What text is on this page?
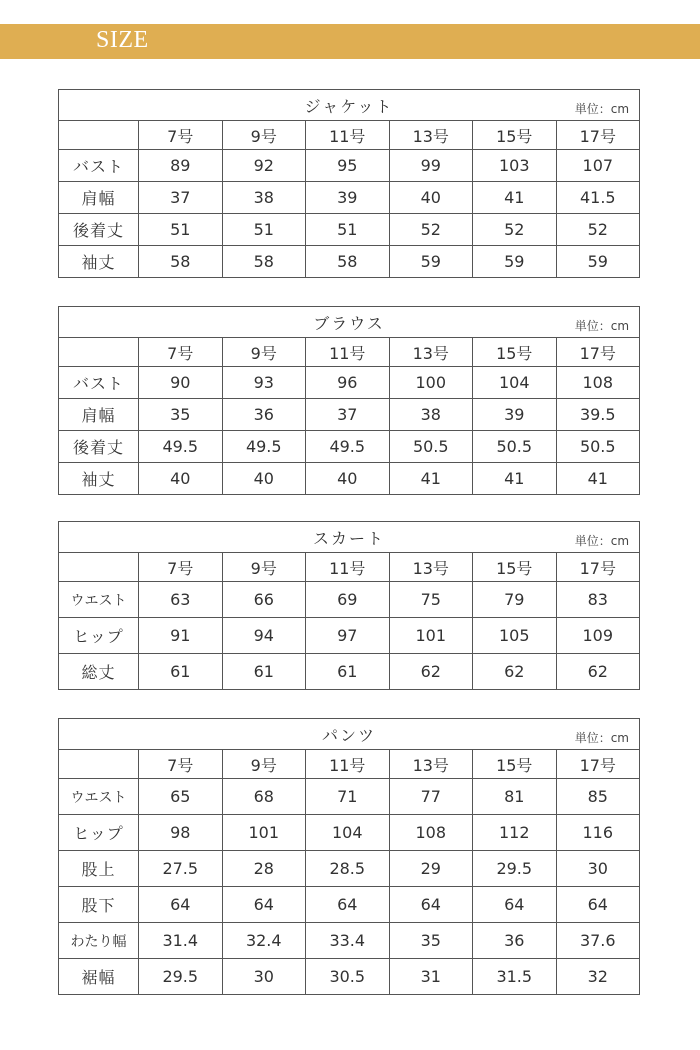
SIZE
ジャケット 単位：cm						

	7号	9号	11号	13号	15号	17号
バスト	89	92	95	99	103	107
肩幅	37	38	39	40	41	41.5
後着丈	51	51	51	52	52	52
袖丈	58	58	58	59	59	59
ブラウス 単位：cm						

	7号	9号	11号	13号	15号	17号
バスト	90	93	96	100	104	108
肩幅	35	36	37	38	39	39.5
後着丈	49.5	49.5	49.5	50.5	50.5	50.5
袖丈	40	40	40	41	41	41
スカート 単位：cm						

	7号	9号	11号	13号	15号	17号
ウエスト	63	66	69	75	79	83
ヒップ	91	94	97	101	105	109
総丈	61	61	61	62	62	62
パンツ 単位：cm						

	7号	9号	11号	13号	15号	17号
ウエスト	65	68	71	77	81	85
ヒップ	98	101	104	108	112	116
股上	27.5	28	28.5	29	29.5	30
股下	64	64	64	64	64	64
わたり幅	31.4	32.4	33.4	35	36	37.6
裾幅	29.5	30	30.5	31	31.5	32
